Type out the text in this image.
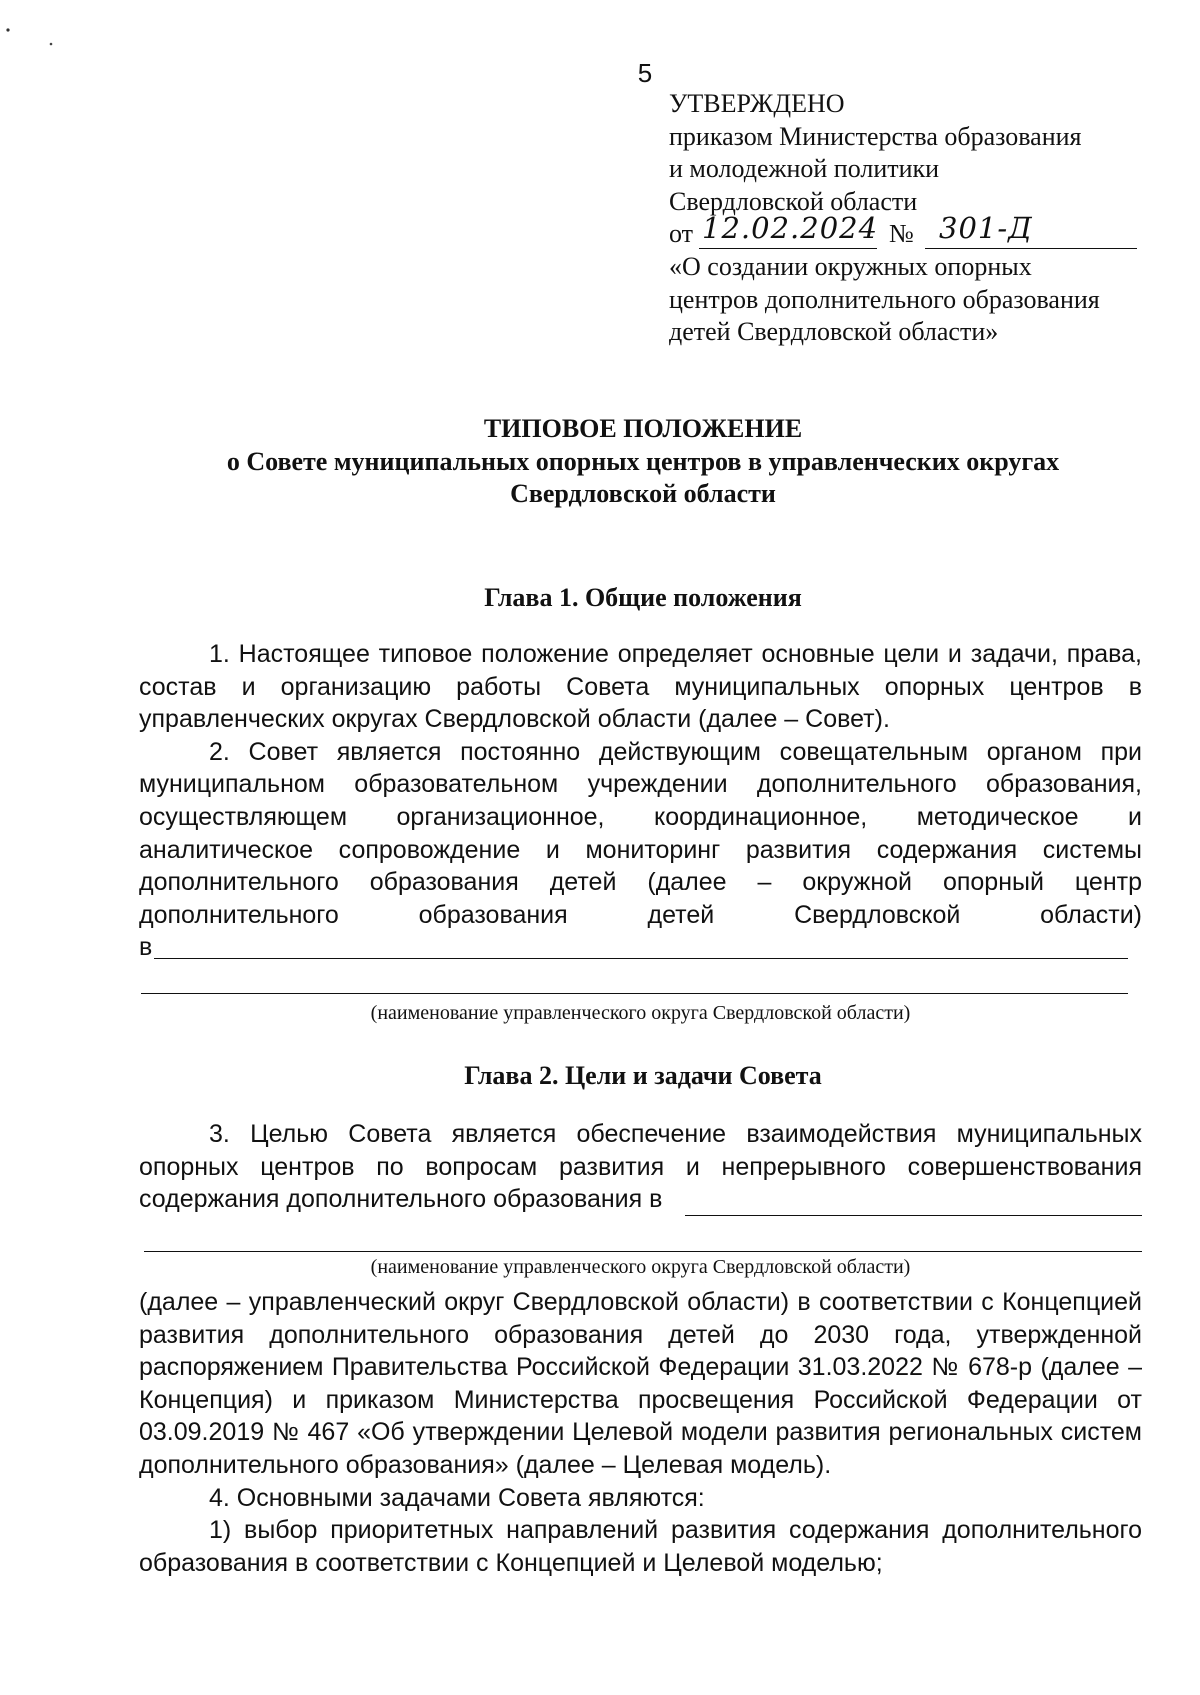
5
УТВЕРЖДЕНО
приказом Министерства образования
и молодежной политики
Свердловской области
от 12.02.2024 № 301-Д
«О создании окружных опорных
центров дополнительного образования
детей Свердловской области»
ТИПОВОЕ ПОЛОЖЕНИЕ
о Совете муниципальных опорных центров в управленческих округах
Свердловской области
Глава 1. Общие положения
1. Настоящее типовое положение определяет основные цели и задачи, права, состав и организацию работы Совета муниципальных опорных центров в управленческих округах Свердловской области (далее – Совет).
2. Совет является постоянно действующим совещательным органом при муниципальном образовательном учреждении дополнительного образования, осуществляющем организационное, координационное, методическое и аналитическое сопровождение и мониторинг развития содержания системы дополнительного образования детей (далее – окружной опорный центр
дополнительного образования детей Свердловской области)
в
(наименование управленческого округа Свердловской области)
Глава 2. Цели и задачи Совета
3. Целью Совета является обеспечение взаимодействия муниципальных опорных центров по вопросам развития и непрерывного совершенствования
содержания дополнительного образования в
(наименование управленческого округа Свердловской области)
(далее – управленческий округ Свердловской области) в соответствии с Концепцией развития дополнительного образования детей до 2030 года, утвержденной распоряжением Правительства Российской Федерации 31.03.2022 № 678-р (далее – Концепция) и приказом Министерства просвещения Российской Федерации от 03.09.2019 № 467 «Об утверждении Целевой модели развития региональных систем дополнительного образования» (далее – Целевая модель).
4. Основными задачами Совета являются:
1) выбор приоритетных направлений развития содержания дополнительного образования в соответствии с Концепцией и Целевой моделью;
